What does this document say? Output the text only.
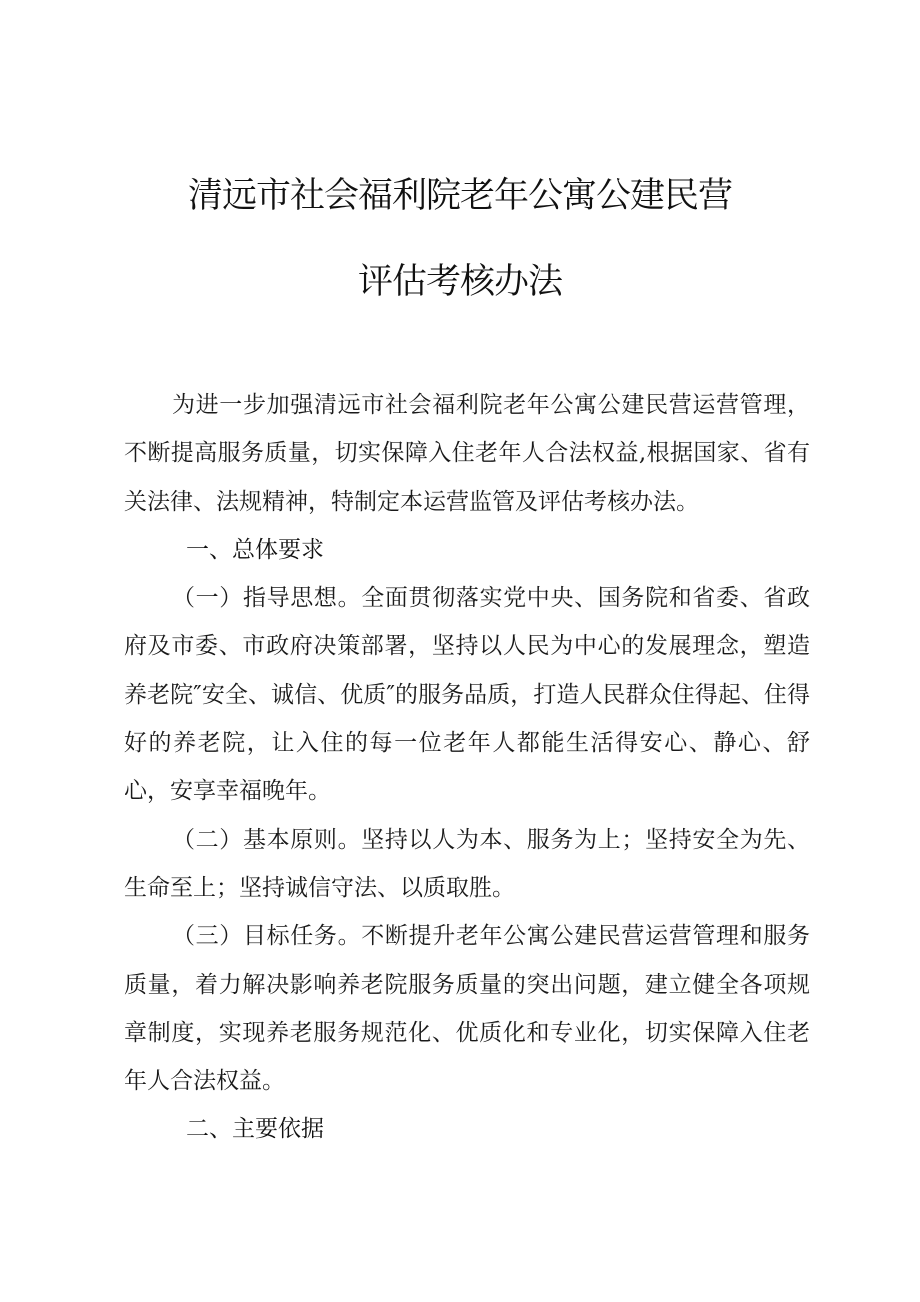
清远市社会福利院老年公寓公建民营
评估考核办法

为进一步加强清远市社会福利院老年公寓公建民营运营管理，不断提高服务质量，切实保障入住老年人合法权益,根据国家、省有关法律、法规精神，特制定本运营监管及评估考核办法。

一、总体要求

（一）指导思想。全面贯彻落实党中央、国务院和省委、省政府及市委、市政府决策部署，坚持以人民为中心的发展理念，塑造养老院″安全、诚信、优质″的服务品质，打造人民群众住得起、住得好的养老院，让入住的每一位老年人都能生活得安心、静心、舒心，安享幸福晚年。

（二）基本原则。坚持以人为本、服务为上；坚持安全为先、生命至上；坚持诚信守法、以质取胜。

（三）目标任务。不断提升老年公寓公建民营运营管理和服务质量，着力解决影响养老院服务质量的突出问题，建立健全各项规章制度，实现养老服务规范化、优质化和专业化，切实保障入住老年人合法权益。

二、主要依据
